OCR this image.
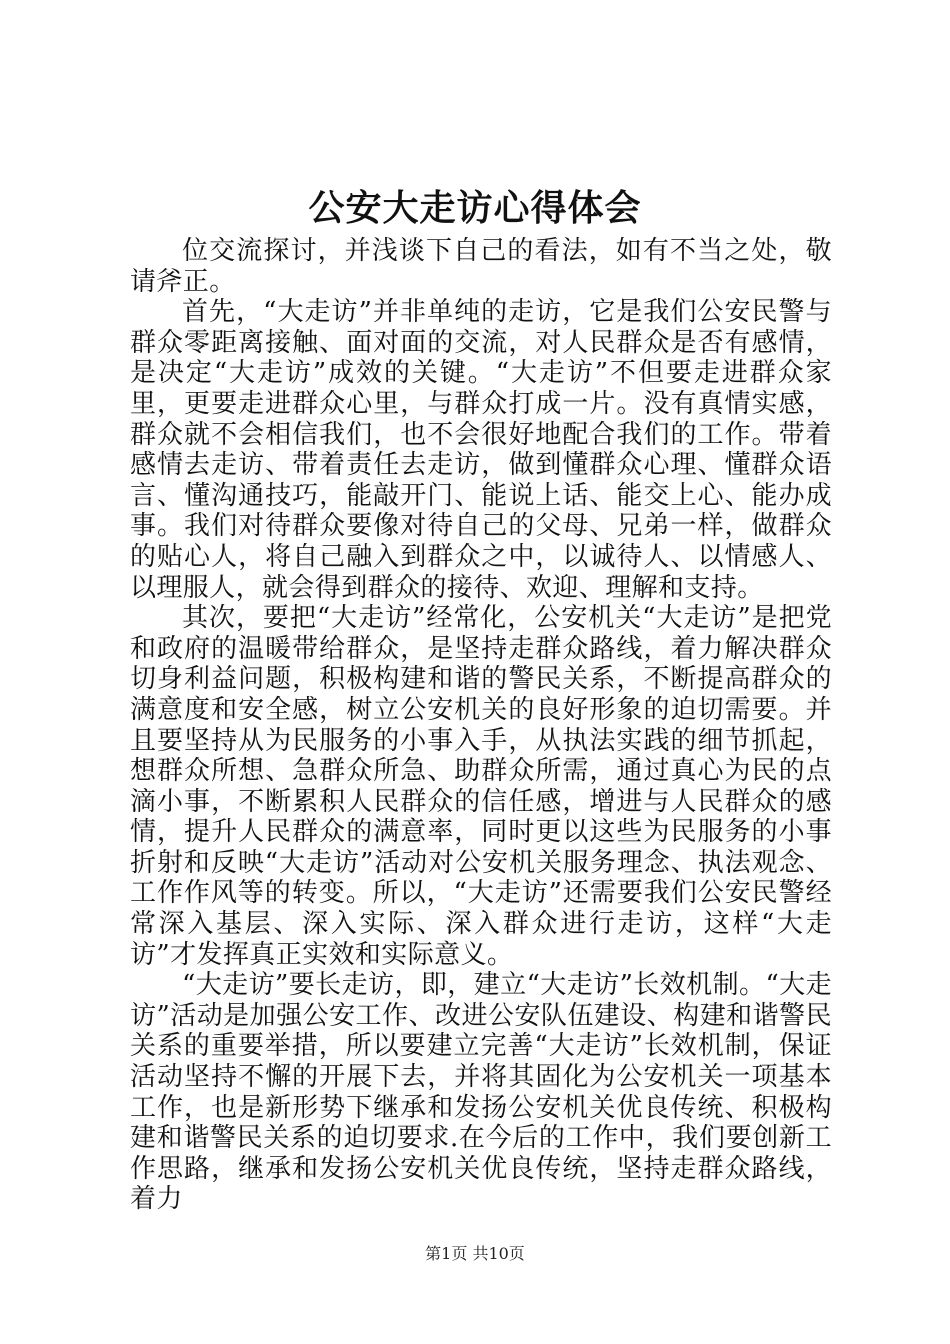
公安大走访心得体会

位交流探讨，并浅谈下自己的看法，如有不当之处，敬请斧正。

首先，“大走访”并非单纯的走访，它是我们公安民警与群众零距离接触、面对面的交流，对人民群众是否有感情，是决定“大走访”成效的关键。“大走访”不但要走进群众家里，更要走进群众心里，与群众打成一片。没有真情实感，群众就不会相信我们，也不会很好地配合我们的工作。带着感情去走访、带着责任去走访，做到懂群众心理、懂群众语言、懂沟通技巧，能敲开门、能说上话、能交上心、能办成事。我们对待群众要像对待自己的父母、兄弟一样，做群众的贴心人，将自己融入到群众之中，以诚待人、以情感人、以理服人，就会得到群众的接待、欢迎、理解和支持。

其次，要把“大走访”经常化，公安机关“大走访”是把党和政府的温暖带给群众，是坚持走群众路线，着力解决群众切身利益问题，积极构建和谐的警民关系，不断提高群众的满意度和安全感，树立公安机关的良好形象的迫切需要。并且要坚持从为民服务的小事入手，从执法实践的细节抓起，想群众所想、急群众所急、助群众所需，通过真心为民的点滴小事，不断累积人民群众的信任感，增进与人民群众的感情，提升人民群众的满意率，同时更以这些为民服务的小事折射和反映“大走访”活动对公安机关服务理念、执法观念、工作作风等的转变。所以，“大走访”还需要我们公安民警经常深入基层、深入实际、深入群众进行走访，这样“大走访”才发挥真正实效和实际意义。

“大走访”要长走访，即，建立“大走访”长效机制。“大走访”活动是加强公安工作、改进公安队伍建设、构建和谐警民关系的重要举措，所以要建立完善“大走访”长效机制，保证活动坚持不懈的开展下去，并将其固化为公安机关一项基本工作，也是新形势下继承和发扬公安机关优良传统、积极构建和谐警民关系的迫切要求.在今后的工作中，我们要创新工作思路，继承和发扬公安机关优良传统，坚持走群众路线，着力

第1页 共10页
